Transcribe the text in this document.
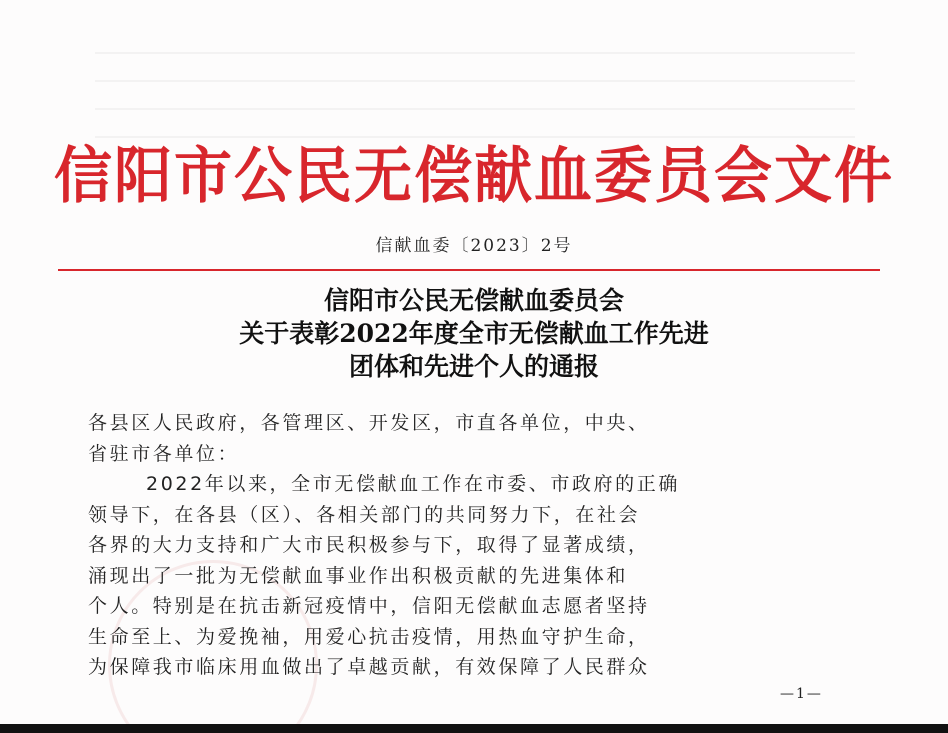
信阳市公民无偿献血委员会文件
信献血委〔2023〕2号
信阳市公民无偿献血委员会
关于表彰2022年度全市无偿献血工作先进
团体和先进个人的通报

各县区人民政府，各管理区、开发区，市直各单位，中央、

省驻市各单位：

2022年以来，全市无偿献血工作在市委、市政府的正确

领导下，在各县（区）、各相关部门的共同努力下，在社会

各界的大力支持和广大市民积极参与下，取得了显著成绩，

涌现出了一批为无偿献血事业作出积极贡献的先进集体和

个人。特别是在抗击新冠疫情中，信阳无偿献血志愿者坚持

生命至上、为爱挽袖，用爱心抗击疫情，用热血守护生命，

为保障我市临床用血做出了卓越贡献，有效保障了人民群众

—1—
